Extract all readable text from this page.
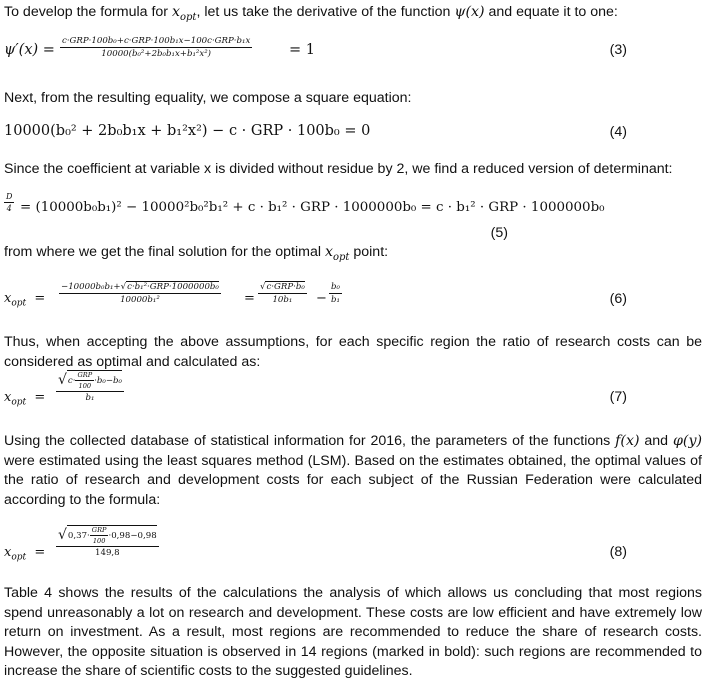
To develop the formula for $x_{opt}$, let us take the derivative of the function ψ(x) and equate it to one:

$\psi'(x) = \frac{\text{c·GRP·100b₀+c·GRP·100b₁x−100c·GRP·b₁x}}{\text{10000(b₀²+2b₀b₁x+b₁²x²)}}$	= 1	(3)

Next, from the resulting equality, we compose a square equation:

10000(b₀² + 2b₀b₁x + b₁²x²) − c · GRP · 100b₀ = 0	(4)

Since the coefficient at variable x is divided without residue by 2, we find a reduced version of determinant:

$\frac{D}{4} = (10000b_0b_1)^2 - 10000^2b_0^2b_1^2 + c \cdot b_1^2$ · GRP · 1000000b₀ = c · b₁² · GRP · 1000000b₀
(5)

from where we get the final solution for the optimal $x_{opt}$ point:

$x_{opt} = \frac{\text{−10000b₀b₁+√c·b₁²·GRP·1000000b₀}}{\text{10000b₁²}} = \frac{\text{√c·GRP·b₀}}{\text{10b₁}} - \frac{\text{b₀}}{\text{b₁}}$	(6)

Thus, when accepting the above assumptions, for each specific region the ratio of research costs can be considered as optimal and calculated as:

$x_{opt}$  =
√ $c\cdot \frac{\text{GRP}}{100} \cdot b_0-b_0$
b₁	(7)

Using the collected database of statistical information for 2016, the parameters of the functions f(x) and φ(y) were estimated using the least squares method (LSM). Based on the estimates obtained, the optimal values of the ratio of research and development costs for each subject of the Russian Federation were calculated according to the formula:

$x_{opt}$  =
√ $0,37\cdot \frac{\text{GRP}}{100} \cdot 0,98-0,98$
149,8	(8)

Table 4 shows the results of the calculations the analysis of which allows us concluding that most regions spend unreasonably a lot on research and development. These costs are low efficient and have extremely low return on investment. As a result, most regions are recommended to reduce the share of research costs. However, the opposite situation is observed in 14 regions (marked in bold): such regions are recommended to increase the share of scientific costs to the suggested guidelines.
